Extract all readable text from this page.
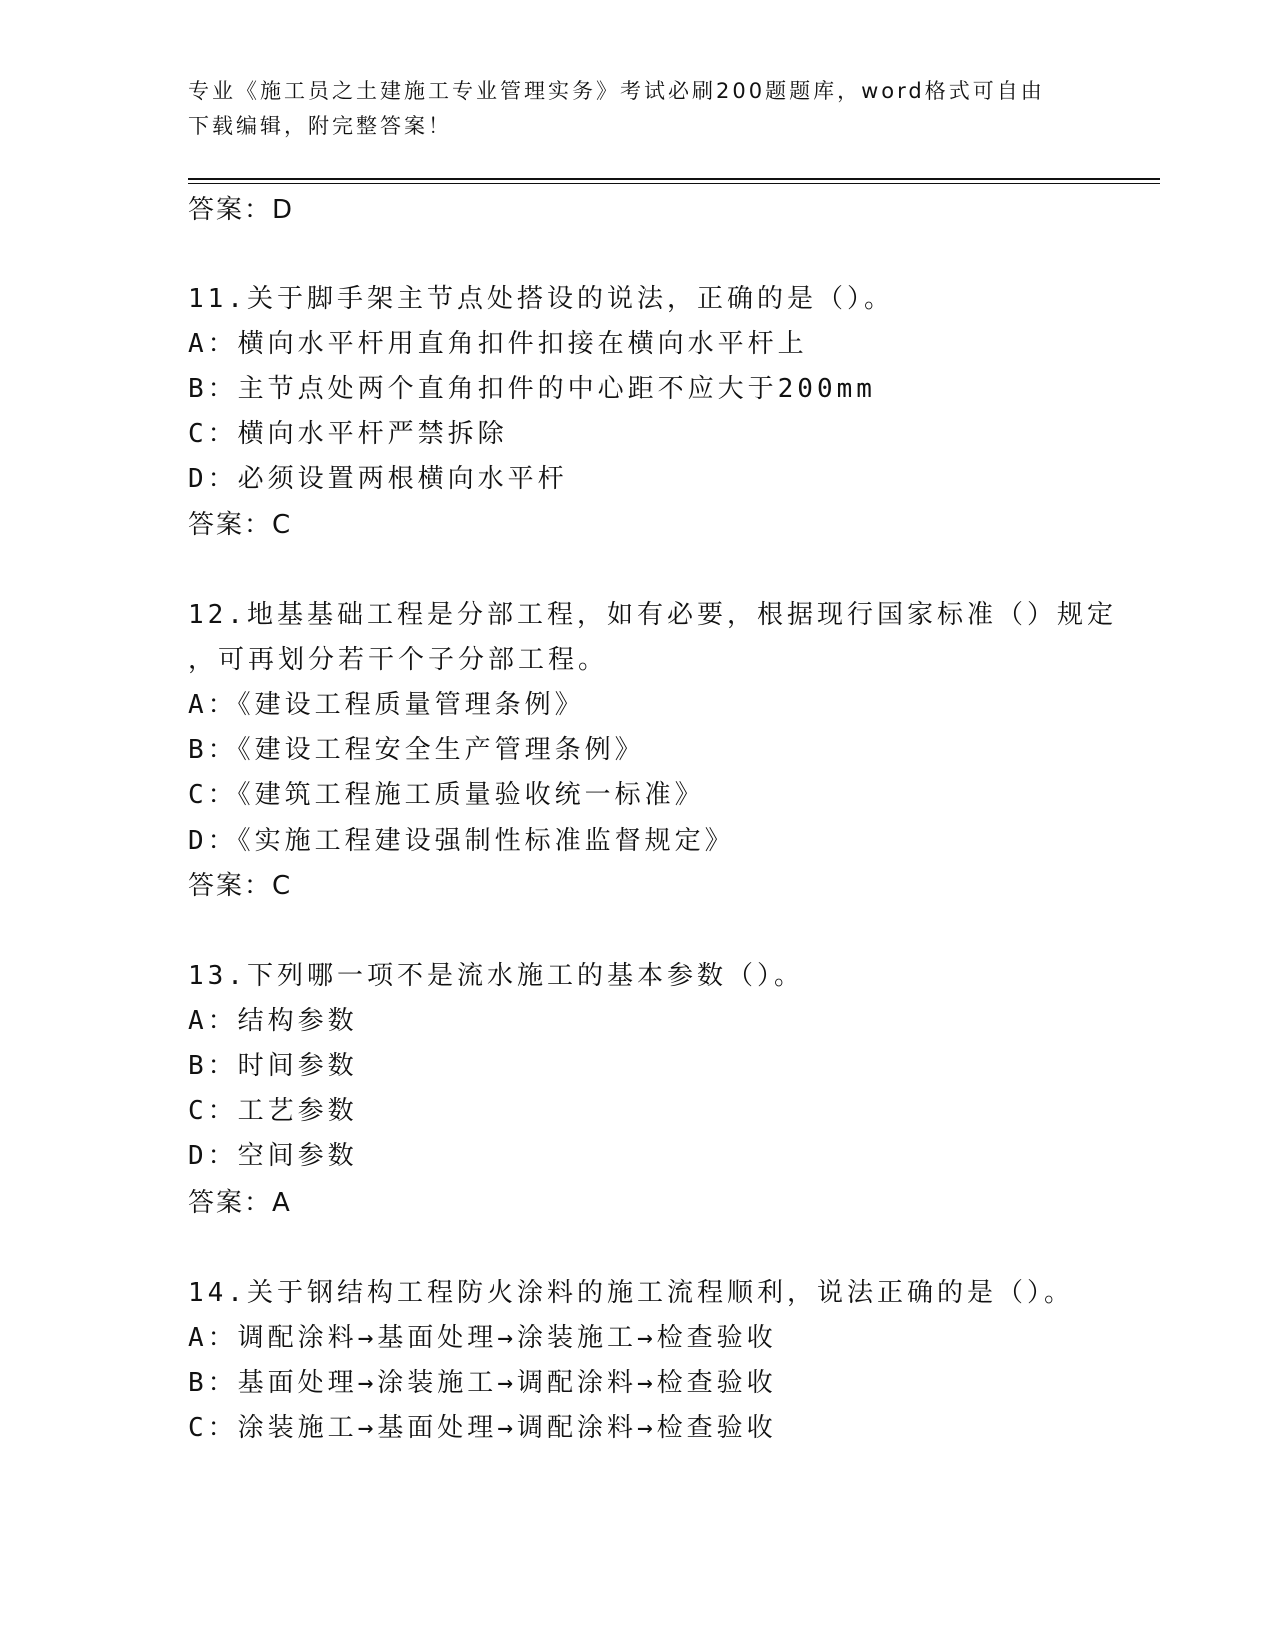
专业《施工员之土建施工专业管理实务》考试必刷200题题库，word格式可自由
下载编辑，附完整答案！
答案：D
11.关于脚手架主节点处搭设的说法，正确的是（）。
A：横向水平杆用直角扣件扣接在横向水平杆上
B：主节点处两个直角扣件的中心距不应大于200mm
C：横向水平杆严禁拆除
D：必须设置两根横向水平杆
答案：C
12.地基基础工程是分部工程，如有必要，根据现行国家标准（）规定
，可再划分若干个子分部工程。
A：《建设工程质量管理条例》
B：《建设工程安全生产管理条例》
C：《建筑工程施工质量验收统一标准》
D：《实施工程建设强制性标准监督规定》
答案：C
13.下列哪一项不是流水施工的基本参数（）。
A：结构参数
B：时间参数
C：工艺参数
D：空间参数
答案：A
14.关于钢结构工程防火涂料的施工流程顺利，说法正确的是（）。
A：调配涂料→基面处理→涂装施工→检查验收
B：基面处理→涂装施工→调配涂料→检查验收
C：涂装施工→基面处理→调配涂料→检查验收
